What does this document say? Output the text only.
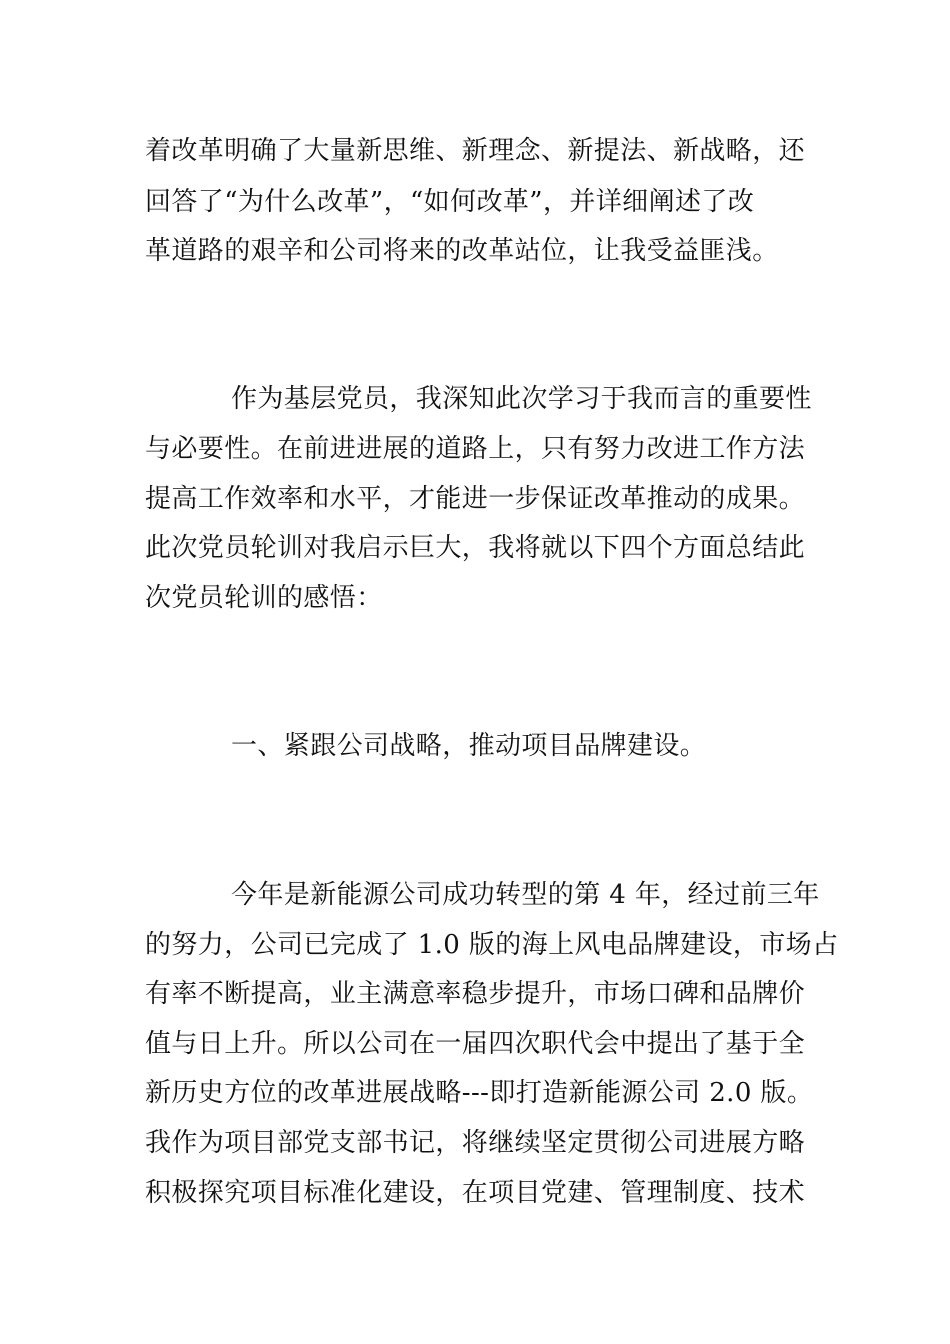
着改革明确了大量新思维、新理念、新提法、新战略，还
回答了“为什么改革”，“如何改革”，并详细阐述了改
革道路的艰辛和公司将来的改革站位，让我受益匪浅。
作为基层党员，我深知此次学习于我而言的重要性
与必要性。在前进进展的道路上，只有努力改进工作方法
提高工作效率和水平，才能进一步保证改革推动的成果。
此次党员轮训对我启示巨大，我将就以下四个方面总结此
次党员轮训的感悟：
一、紧跟公司战略，推动项目品牌建设。
今年是新能源公司成功转型的第 4 年，经过前三年
的努力，公司已完成了 1.0 版的海上风电品牌建设，市场占
有率不断提高，业主满意率稳步提升，市场口碑和品牌价
值与日上升。所以公司在一届四次职代会中提出了基于全
新历史方位的改革进展战略---即打造新能源公司 2.0 版。
我作为项目部党支部书记，将继续坚定贯彻公司进展方略
积极探究项目标准化建设，在项目党建、管理制度、技术
